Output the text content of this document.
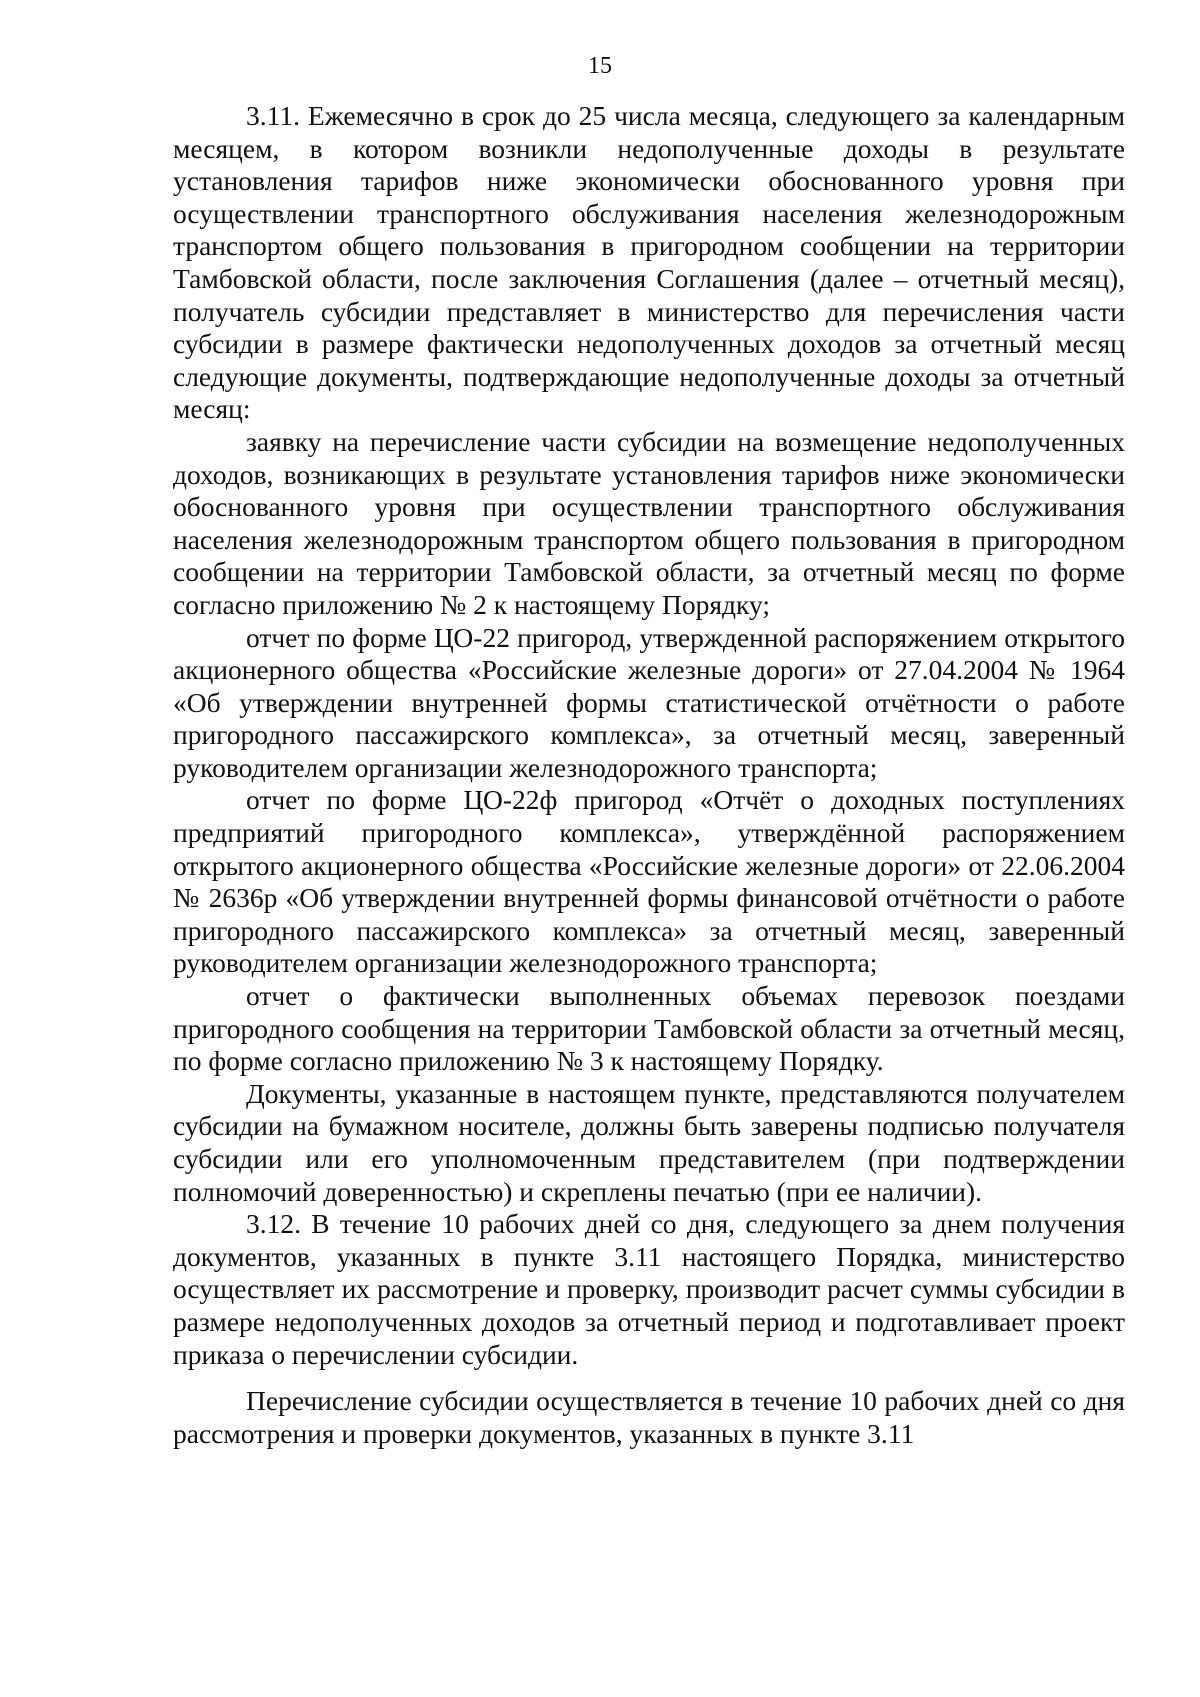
15

3.11. Ежемесячно в срок до 25 числа месяца, следующего за календарным месяцем, в котором возникли недополученные доходы в результате установления тарифов ниже экономически обоснованного уровня при осуществлении транспортного обслуживания населения железнодорожным транспортом общего пользования в пригородном сообщении на территории Тамбовской области, после заключения Соглашения (далее – отчетный месяц), получатель субсидии представляет в министерство для перечисления части субсидии в размере фактически недополученных доходов за отчетный месяц следующие документы, подтверждающие недополученные доходы за отчетный месяц:

заявку на перечисление части субсидии на возмещение недополученных доходов, возникающих в результате установления тарифов ниже экономически обоснованного уровня при осуществлении транспортного обслуживания населения железнодорожным транспортом общего пользования в пригородном сообщении на территории Тамбовской области, за отчетный месяц по форме согласно приложению № 2 к настоящему Порядку;

отчет по форме ЦО-22 пригород, утвержденной распоряжением открытого акционерного общества «Российские железные дороги» от 27.04.2004 № 1964 «Об утверждении внутренней формы статистической отчётности о работе пригородного пассажирского комплекса», за отчетный месяц, заверенный руководителем организации железнодорожного транспорта;

отчет по форме ЦО-22ф пригород «Отчёт о доходных поступлениях предприятий пригородного комплекса», утверждённой распоряжением открытого акционерного общества «Российские железные дороги» от 22.06.2004 № 2636р «Об утверждении внутренней формы финансовой отчётности о работе пригородного пассажирского комплекса» за отчетный месяц, заверенный руководителем организации железнодорожного транспорта;

отчет о фактически выполненных объемах перевозок поездами пригородного сообщения на территории Тамбовской области за отчетный месяц, по форме согласно приложению № 3 к настоящему Порядку.

Документы, указанные в настоящем пункте, представляются получателем субсидии на бумажном носителе, должны быть заверены подписью получателя субсидии или его уполномоченным представителем (при подтверждении полномочий доверенностью) и скреплены печатью (при ее наличии).

3.12. В течение 10 рабочих дней со дня, следующего за днем получения документов, указанных в пункте 3.11 настоящего Порядка, министерство осуществляет их рассмотрение и проверку, производит расчет суммы субсидии в размере недополученных доходов за отчетный период и подготавливает проект приказа о перечислении субсидии.

Перечисление субсидии осуществляется в течение 10 рабочих дней со дня рассмотрения и проверки документов, указанных в пункте 3.11
